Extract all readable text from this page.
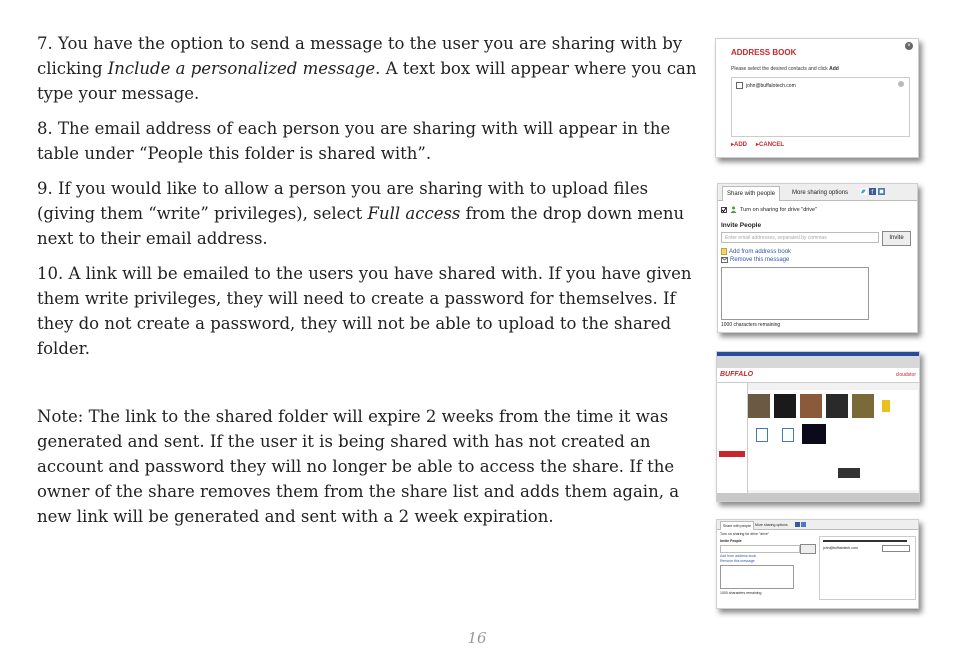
7. You have the option to send a message to the user you are sharing with by clicking Include a personalized message. A text box will appear where you can type your message.

8. The email address of each person you are sharing with will appear in the table under “People this folder is shared with”.

9. If you would like to allow a person you are sharing with to upload files (giving them “write” privileges), select Full access from the drop down menu next to their email address.

10. A link will be emailed to the users you have shared with. If you have given them write privileges, they will need to create a password for themselves. If they do not create a password, they will not be able to upload to the shared folder.

Note: The link to the shared folder will expire 2 weeks from the time it was generated and sent. If the user it is being shared with has not created an account and password they will no longer be able to access the share. If the owner of the share removes them from the share list and adds them again, a new link will be generated and sent with a 2 week expiration.

ADDRESS BOOK
×
Please select the desired contacts and click Add
john@buffalotech.com
▸ADD ▸CANCEL
Share with people	More sharing options	f
Turn on sharing for drive "drive"
Invite People
Enter email addresses, separated by commas	Invite
Add from address book
Remove this message
1000 characters remaining
BUFFALO	cloudstor
Share with people	More sharing options
Turn on sharing for drive "drive"
Invite People
Add from address book
Remove this message
1000 characters remaining
john@buffalotech.com
16
